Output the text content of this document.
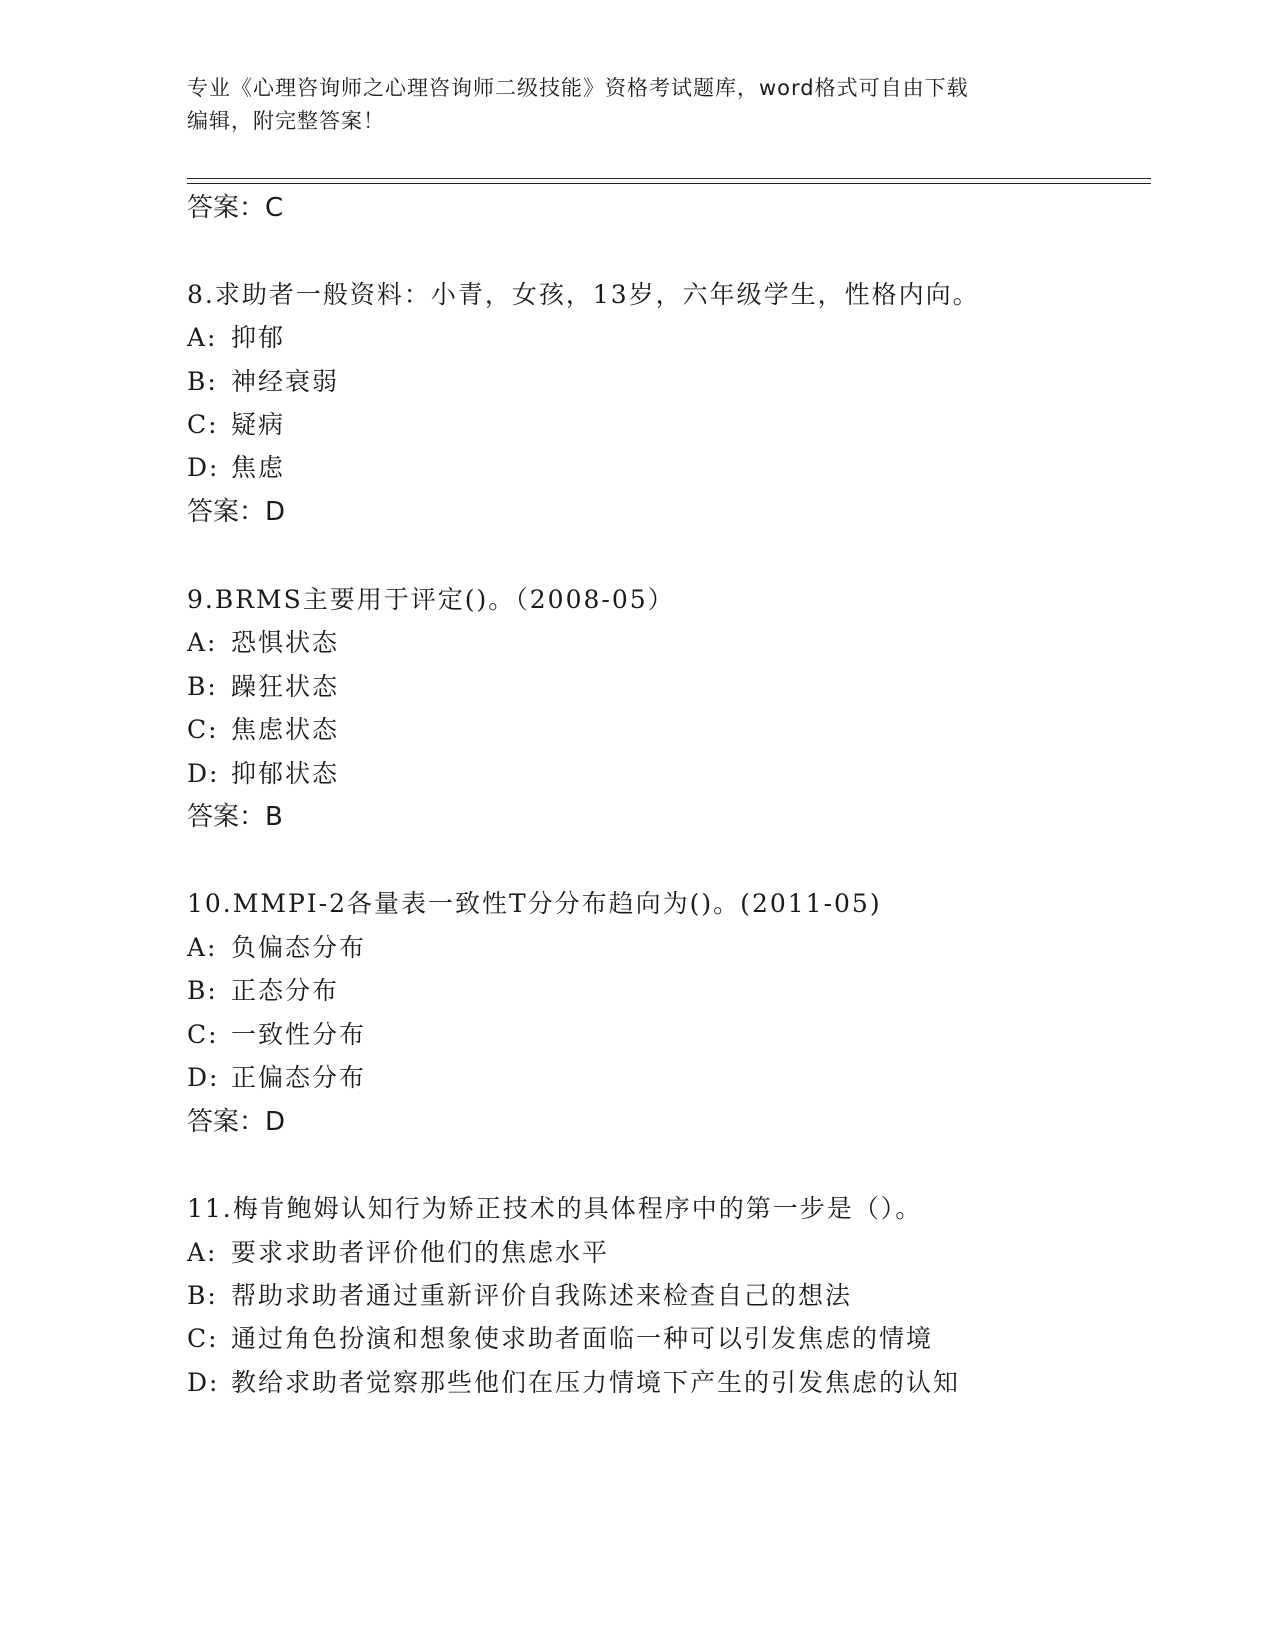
专业《心理咨询师之心理咨询师二级技能》资格考试题库，word格式可自由下载
编辑，附完整答案！
答案：C
8.求助者一般资料：小青，女孩，13岁，六年级学生，性格内向。
A: 抑郁
B: 神经衰弱
C: 疑病
D: 焦虑
答案：D
9.BRMS主要用于评定()。（2008-05）
A: 恐惧状态
B: 躁狂状态
C: 焦虑状态
D: 抑郁状态
答案：B
10.MMPI-2各量表一致性T分分布趋向为()。(2011-05)
A: 负偏态分布
B: 正态分布
C: 一致性分布
D: 正偏态分布
答案：D
11.梅肯鲍姆认知行为矫正技术的具体程序中的第一步是（）。
A: 要求求助者评价他们的焦虑水平
B: 帮助求助者通过重新评价自我陈述来检查自己的想法
C: 通过角色扮演和想象使求助者面临一种可以引发焦虑的情境
D: 教给求助者觉察那些他们在压力情境下产生的引发焦虑的认知
